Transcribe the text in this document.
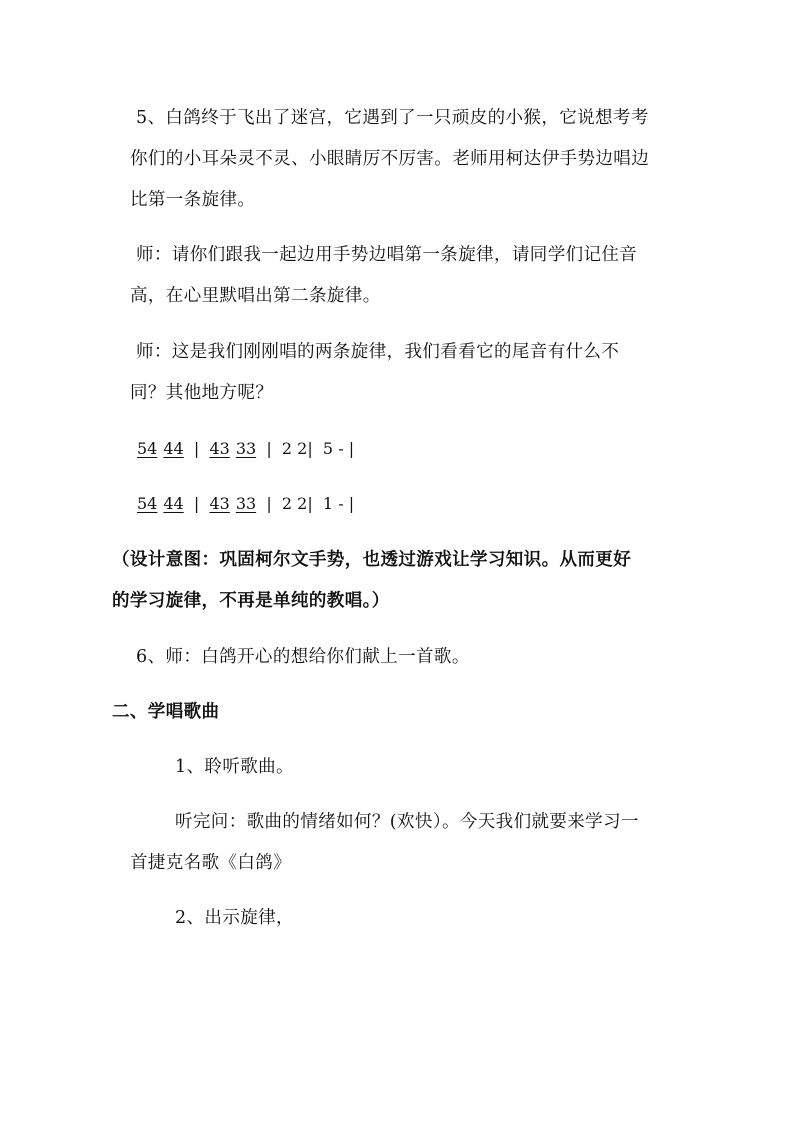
5、白鸽终于飞出了迷宫，它遇到了一只顽皮的小猴，它说想考考
你们的小耳朵灵不灵、小眼睛厉不厉害。老师用柯达伊手势边唱边
比第一条旋律。
师：请你们跟我一起边用手势边唱第一条旋律，请同学们记住音
高，在心里默唱出第二条旋律。
师：这是我们刚刚唱的两条旋律，我们看看它的尾音有什么不
同？其他地方呢？
54 44 | 43 33 | 2 2| 5 - |
54 44 | 43 33 | 2 2| 1 - |
（设计意图：巩固柯尔文手势，也透过游戏让学习知识。从而更好
的学习旋律，不再是单纯的教唱。）
6、师：白鸽开心的想给你们献上一首歌。
二、学唱歌曲
1、聆听歌曲。
听完问：歌曲的情绪如何？(欢快）。今天我们就要来学习一
首捷克名歌《白鸽》
2、出示旋律，
